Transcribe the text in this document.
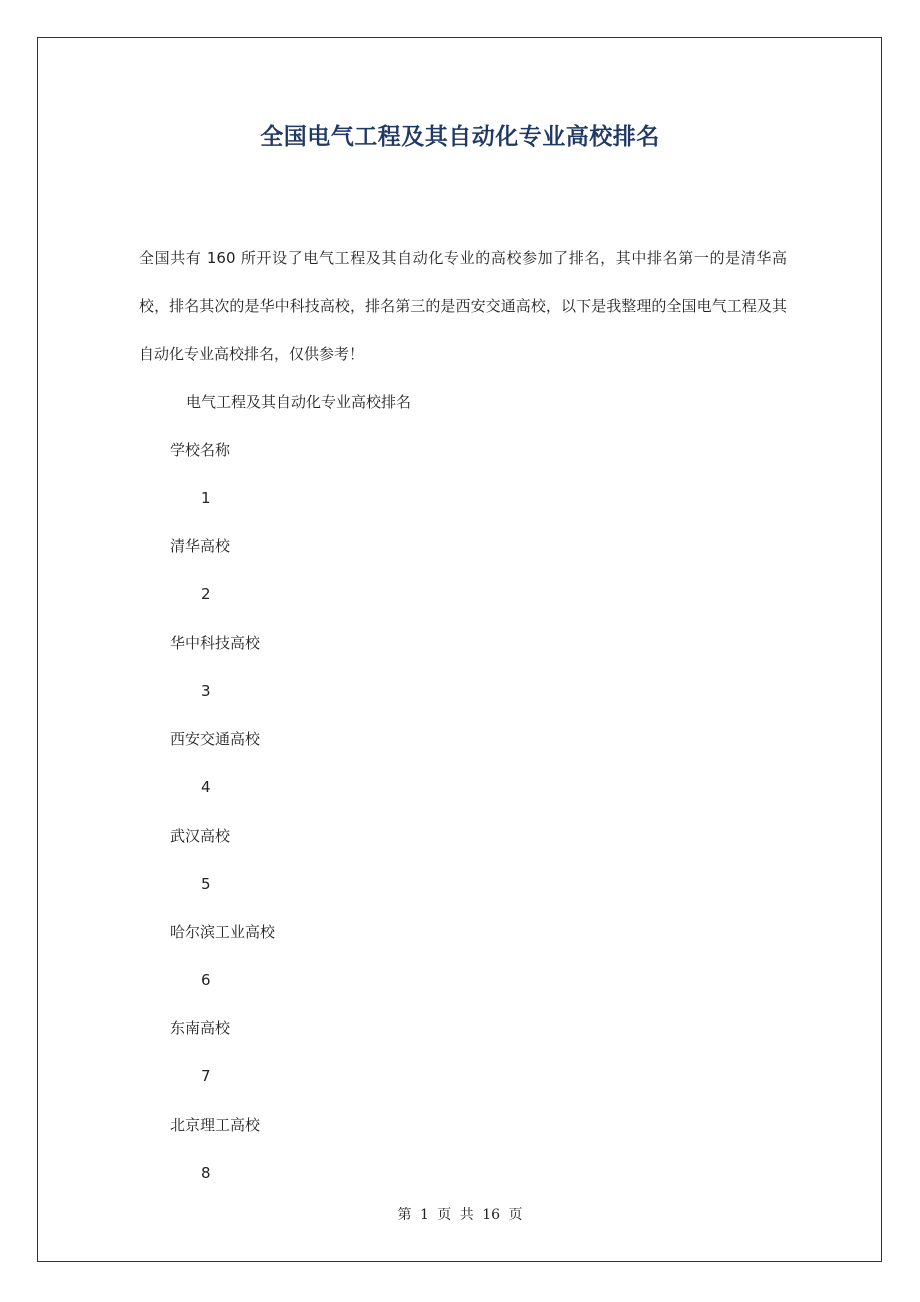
全国电气工程及其自动化专业高校排名
全国共有 160 所开设了电气工程及其自动化专业的高校参加了排名，其中排名第一的是清华高校，排名其次的是华中科技高校，排名第三的是西安交通高校，以下是我整理的全国电气工程及其自动化专业高校排名，仅供参考！
电气工程及其自动化专业高校排名
学校名称
1
清华高校
2
华中科技高校
3
西安交通高校
4
武汉高校
5
哈尔滨工业高校
6
东南高校
7
北京理工高校
8
第 1 页 共 16 页
